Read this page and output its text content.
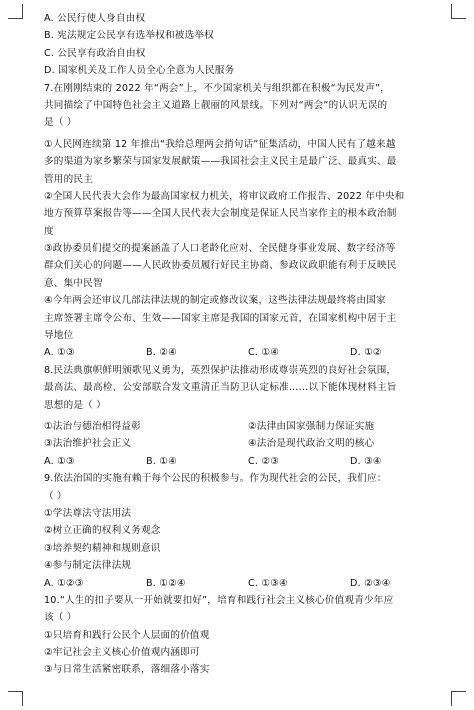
A. 公民行使人身自由权
B. 宪法规定公民享有选举权和被选举权
C. 公民享有政治自由权
D. 国家机关及工作人员全心全意为人民服务
7.在刚刚结束的 2022 年“两会”上，不少国家机关与组织都在积极“为民发声”，
共同描绘了中国特色社会主义道路上靓丽的风景线。下列对“两会”的认识无误的
是（ ）
①人民网连续第 12 年推出“我给总理两会捎句话”征集活动，中国人民有了越来越
多的渠道为家乡繁荣与国家发展献策——我国社会主义民主是最广泛、最真实、最
管用的民主
②全国人民代表大会作为最高国家权力机关，将审议政府工作报告、2022 年中央和
地方预算草案报告等——全国人民代表大会制度是保证人民当家作主的根本政治制
度
③政协委员们提交的提案涵盖了人口老龄化应对、全民健身事业发展、数字经济等
群众们关心的问题——人民政协委员履行好民主协商、参政议政职能有利于反映民
意、集中民智
④今年两会还审议几部法律法规的制定或修改议案，这些法律法规最终将由国家
主席签署主席令公布、生效——国家主席是我国的国家元首，在国家机构中居于主
导地位
A. ①③	B. ②④	C. ①④	D. ①②
8.民法典旗帜鲜明颁歌见义勇为，英烈保护法推动形成尊崇英烈的良好社会氛围，
最高法、最高检、公安部联合发文重清正当防卫认定标准……以下能体现材料主旨
思想的是（ ）
①法治与德治相得益彰	②法律由国家强制力保证实施
③法治维护社会正义	④法治是现代政治文明的核心
A. ①③	B. ①④	C. ②③	D. ③④
9.依法治国的实施有赖于每个公民的积极参与。作为现代社会的公民，我们应：
（ ）
①学法尊法守法用法
②树立正确的权利义务观念
③培养契约精神和规则意识
④参与制定法律法规
A. ①②③	B. ①②④	C. ①③④	D. ②③④
10.“人生的扣子要从一开始就要扣好”，培育和践行社会主义核心价值观青少年应
该（ ）
①只培育和践行公民个人层面的价值观
②牢记社会主义核心价值观内涵即可
③与日常生活紧密联系，落细落小落实
